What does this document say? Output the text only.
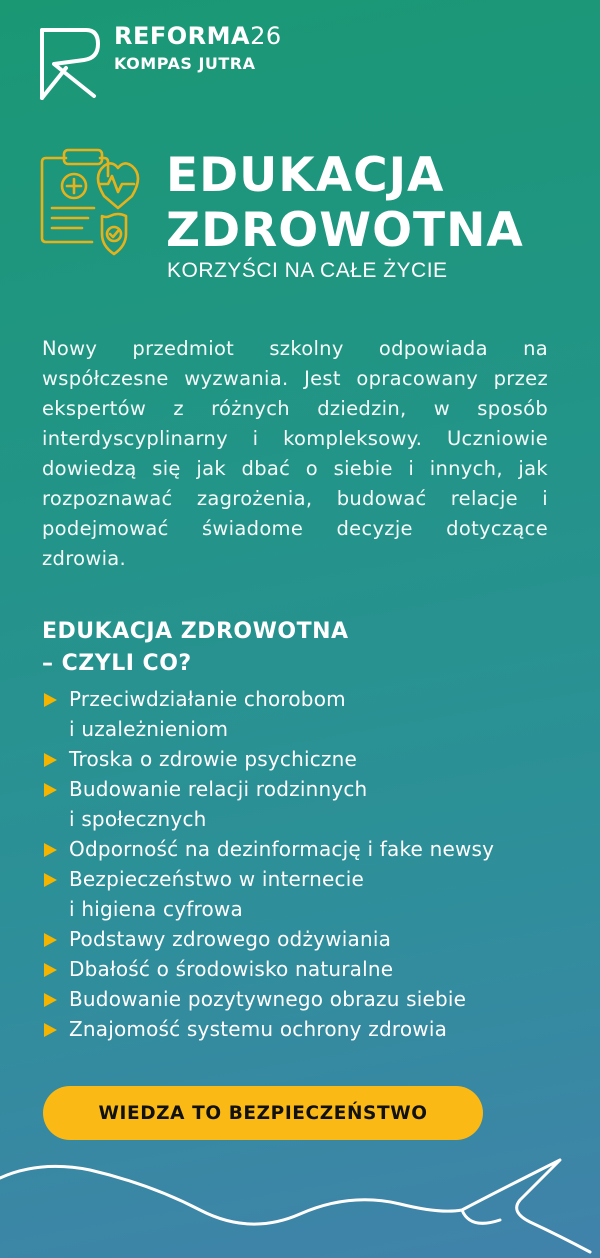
REFORMA26
KOMPAS JUTRA
EDUKACJA
ZDROWOTNA
KORZYŚCI NA CAŁE ŻYCIE

Nowy przedmiot szkolny odpowiada na współczesne wyzwania. Jest opracowany przez ekspertów z różnych dziedzin, w sposób interdyscyplinarny i kompleksowy. Uczniowie dowiedzą się jak dbać o siebie i innych, jak rozpoznawać zagrożenia, budować relacje i podejmować świadome decyzje dotyczące zdrowia.

EDUKACJA ZDROWOTNA
– CZYLI CO?
Przeciwdziałanie chorobom
i uzależnieniom
Troska o zdrowie psychiczne
Budowanie relacji rodzinnych
i społecznych
Odporność na dezinformację i fake newsy
Bezpieczeństwo w internecie
i higiena cyfrowa
Podstawy zdrowego odżywiania
Dbałość o środowisko naturalne
Budowanie pozytywnego obrazu siebie
Znajomość systemu ochrony zdrowia
WIEDZA TO BEZPIECZEŃSTWO
